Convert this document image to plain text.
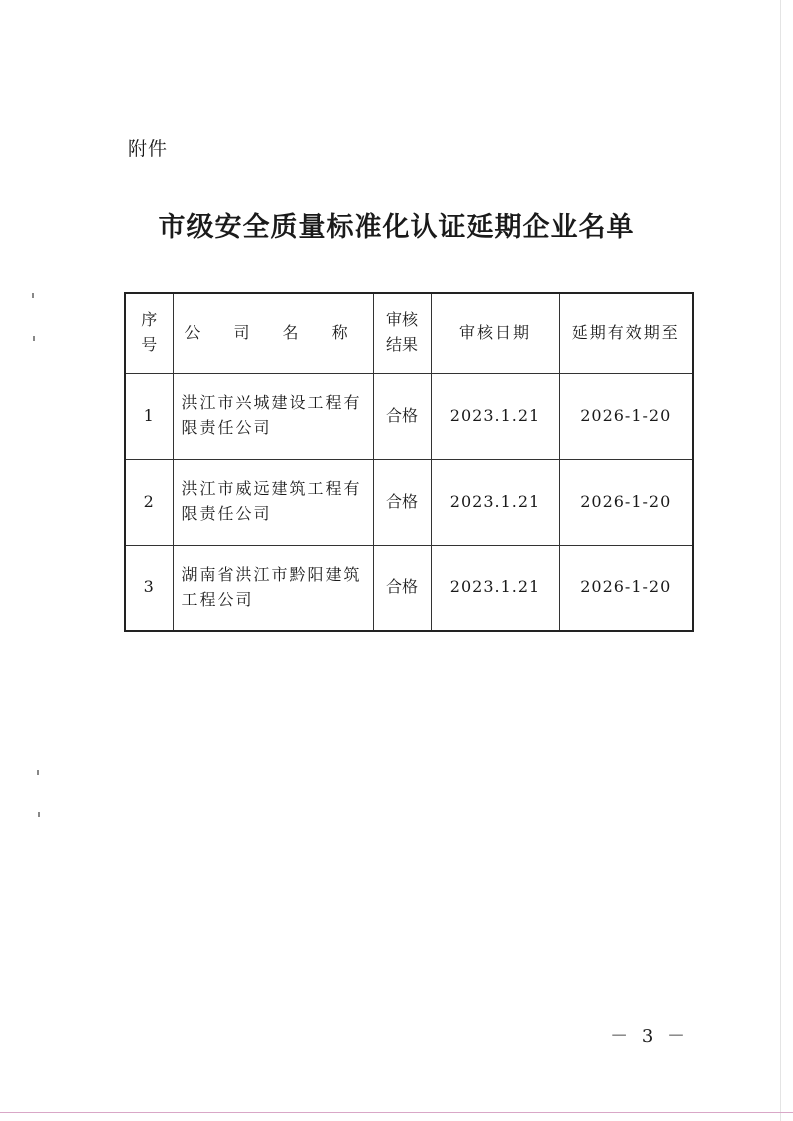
附件
市级安全质量标准化认证延期企业名单
序号	公 司 名 称	审核结果	审核日期	延期有效期至
1	洪江市兴城建设工程有限责任公司	合格	2023.1.21	2026-1-20
2	洪江市威远建筑工程有限责任公司	合格	2023.1.21	2026-1-20
3	湖南省洪江市黔阳建筑工程公司	合格	2023.1.21	2026-1-20
－ 3 －
